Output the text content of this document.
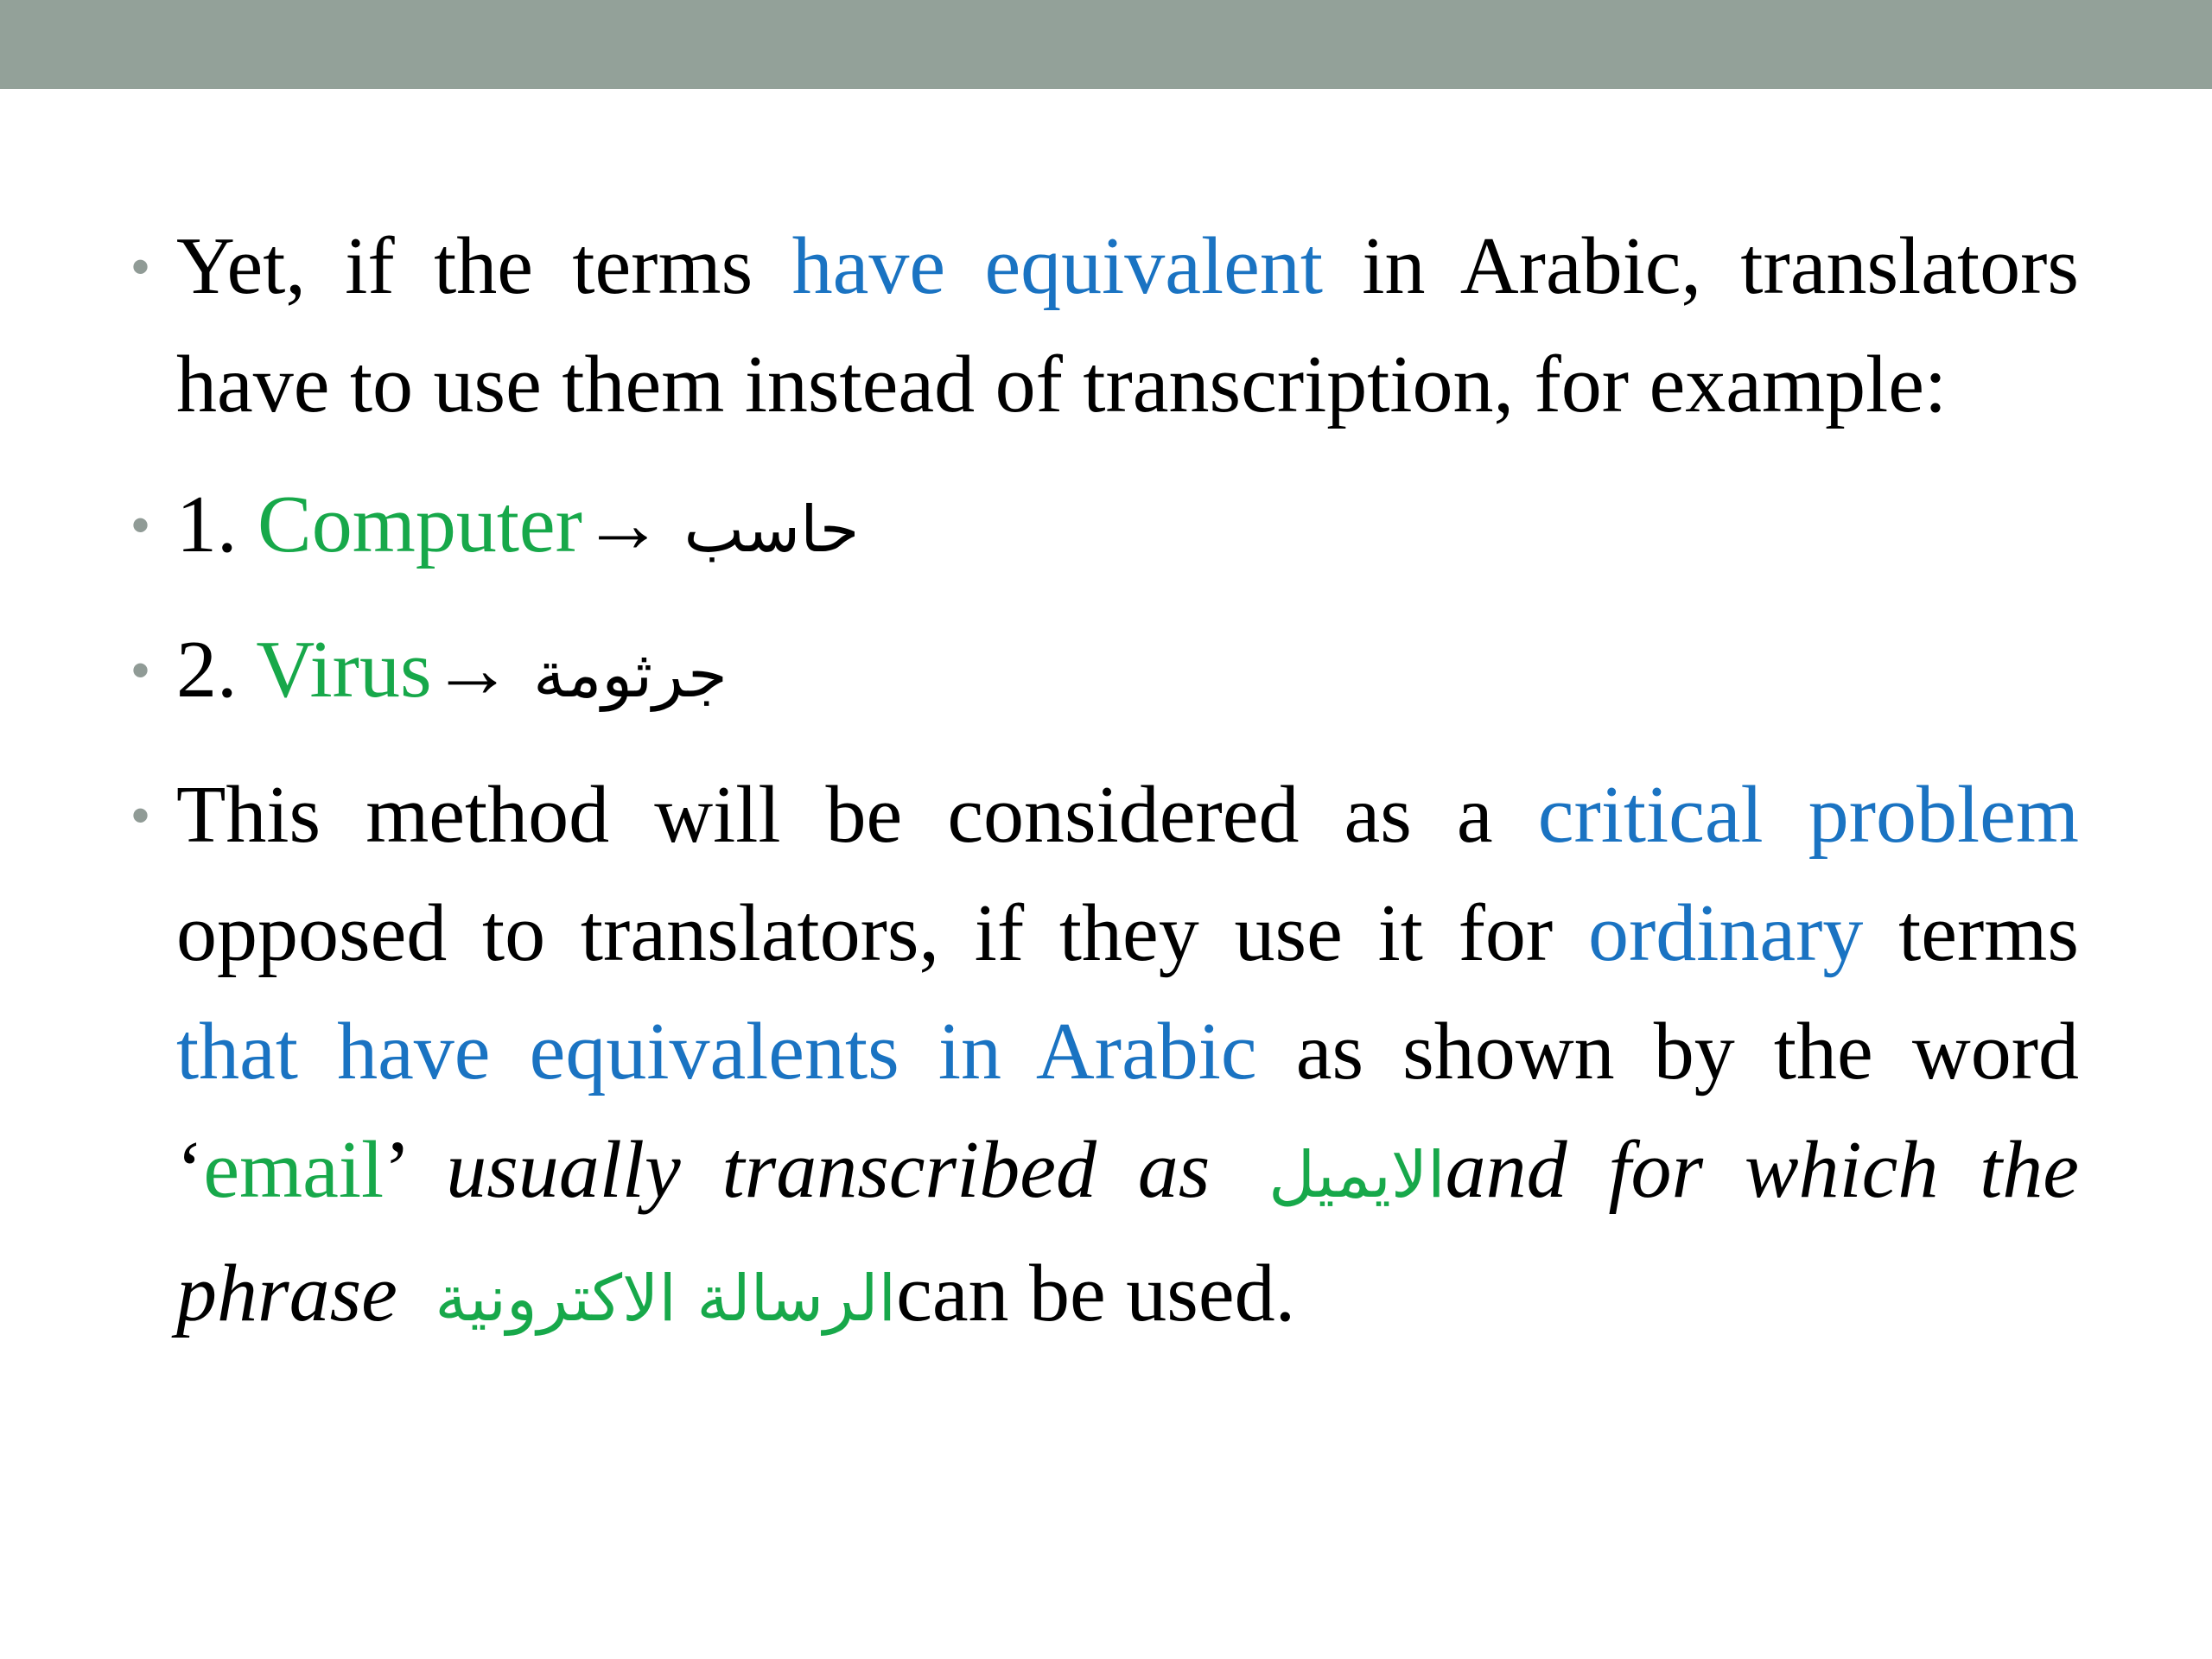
• Yet, if the terms have equivalent in Arabic, translators have to use them instead of transcription, for example:
• 1. Computer→ حاسب
• 2. Virus→ جرثومة
• This method will be considered as a critical problem opposed to translators, if they use it for ordinary terms that have equivalents in Arabic as shown by the word ‘email’ usually transcribed as الايميلand for which the phrase الرسالة الاكترونيةcan be used.
